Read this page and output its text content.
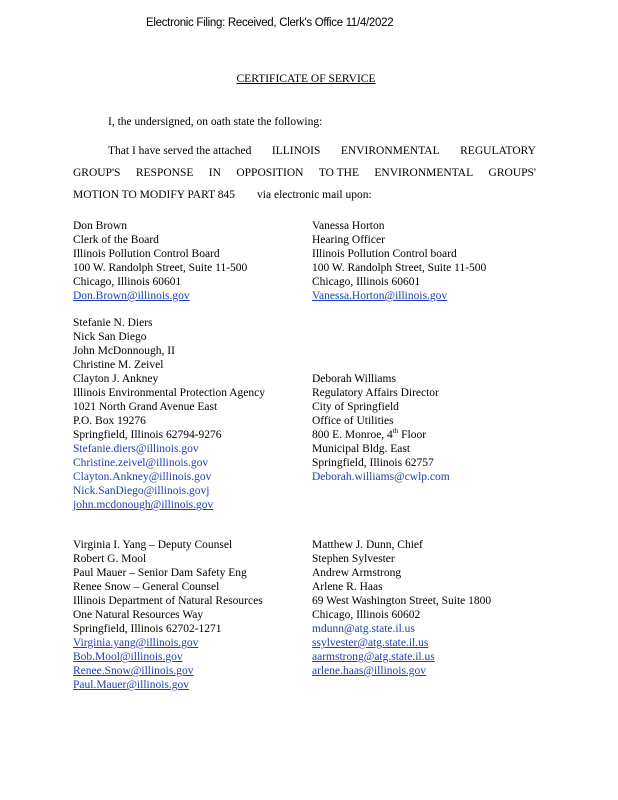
Electronic Filing: Received, Clerk's Office 11/4/2022
CERTIFICATE OF SERVICE
I, the undersigned, on oath state the following:
That I have served the attached ILLINOIS ENVIRONMENTAL REGULATORY
GROUP'S RESPONSE IN OPPOSITION TO THE ENVIRONMENTAL GROUPS'
MOTION TO MODIFY PART 845 via electronic mail upon:
Don Brown
Clerk of the Board
Illinois Pollution Control Board
100 W. Randolph Street, Suite 11-500
Chicago, Illinois 60601
Don.Brown@illinois.gov
Vanessa Horton
Hearing Officer
Illinois Pollution Control board
100 W. Randolph Street, Suite 11-500
Chicago, Illinois 60601
Vanessa.Horton@illinois.gov
Stefanie N. Diers
Nick San Diego
John McDonnough, II
Christine M. Zeivel
Clayton J. Ankney
Illinois Environmental Protection Agency
1021 North Grand Avenue East
P.O. Box 19276
Springfield, Illinois 62794-9276
Stefanie.diers@illinois.gov
Christine.zeivel@illinois.gov
Clayton.Ankney@illinois.gov
Nick.SanDiego@illinois.govj
john.mcdonough@illinois.gov
Deborah Williams
Regulatory Affairs Director
City of Springfield
Office of Utilities
800 E. Monroe, 4th Floor
Municipal Bldg. East
Springfield, Illinois 62757
Deborah.williams@cwlp.com
Virginia I. Yang – Deputy Counsel
Robert G. Mool
Paul Mauer – Senior Dam Safety Eng
Renee Snow – General Counsel
Illinois Department of Natural Resources
One Natural Resources Way
Springfield, Illinois 62702-1271
Virginia.yang@illinois.gov
Bob.Mool@illinois.gov
Renee.Snow@illinois.gov
Paul.Mauer@illinois.gov
Matthew J. Dunn, Chief
Stephen Sylvester
Andrew Armstrong
Arlene R. Haas
69 West Washington Street, Suite 1800
Chicago, Illinois 60602
mdunn@atg.state.il.us
ssylvester@atg.state.il.us
aarmstrong@atg.state.il.us
arlene.haas@illinois.gov
